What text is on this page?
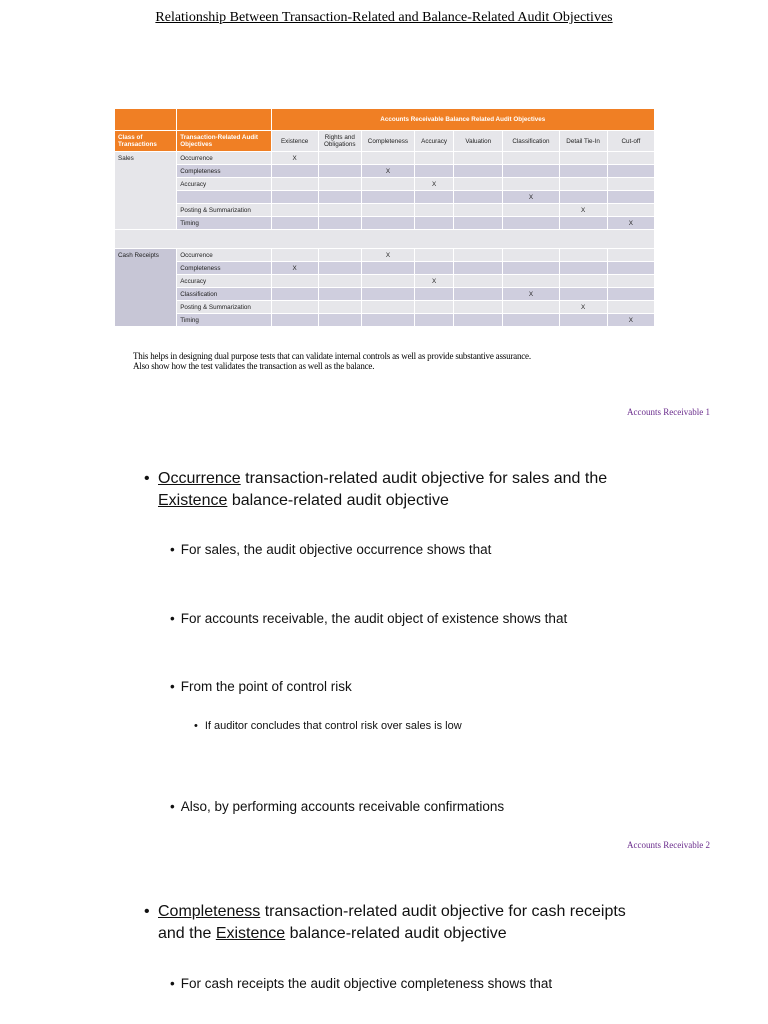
Relationship Between Transaction-Related and Balance-Related Audit Objectives
		Accounts Receivable Balance Related Audit Objectives							
Class of Transactions	Transaction-Related Audit Objectives	Existence	Rights and Obligations	Completeness	Accuracy	Valuation	Classification	Detail Tie-In	Cut-off
Sales	Occurrence	X							
	Completeness			X					
	Accuracy				X				
							X		
	Posting & Summarization							X	
	Timing								X

Cash Receipts	Occurrence			X					
	Completeness	X							
	Accuracy				X				
	Classification						X		
	Posting & Summarization							X	
	Timing								X
This helps in designing dual purpose tests that can validate internal controls as well as provide substantive assurance.
Also show how the test validates the transaction as well as the balance.
Accounts Receivable 1
• Occurrence transaction-related audit objective for sales and the Existence balance-related audit objective
• For sales, the audit objective occurrence shows that
• For accounts receivable, the audit object of existence shows that
• From the point of control risk
• If auditor concludes that control risk over sales is low
• Also, by performing accounts receivable confirmations
Accounts Receivable 2
• Completeness transaction-related audit objective for cash receipts and the Existence balance-related audit objective
• For cash receipts the audit objective completeness shows that
